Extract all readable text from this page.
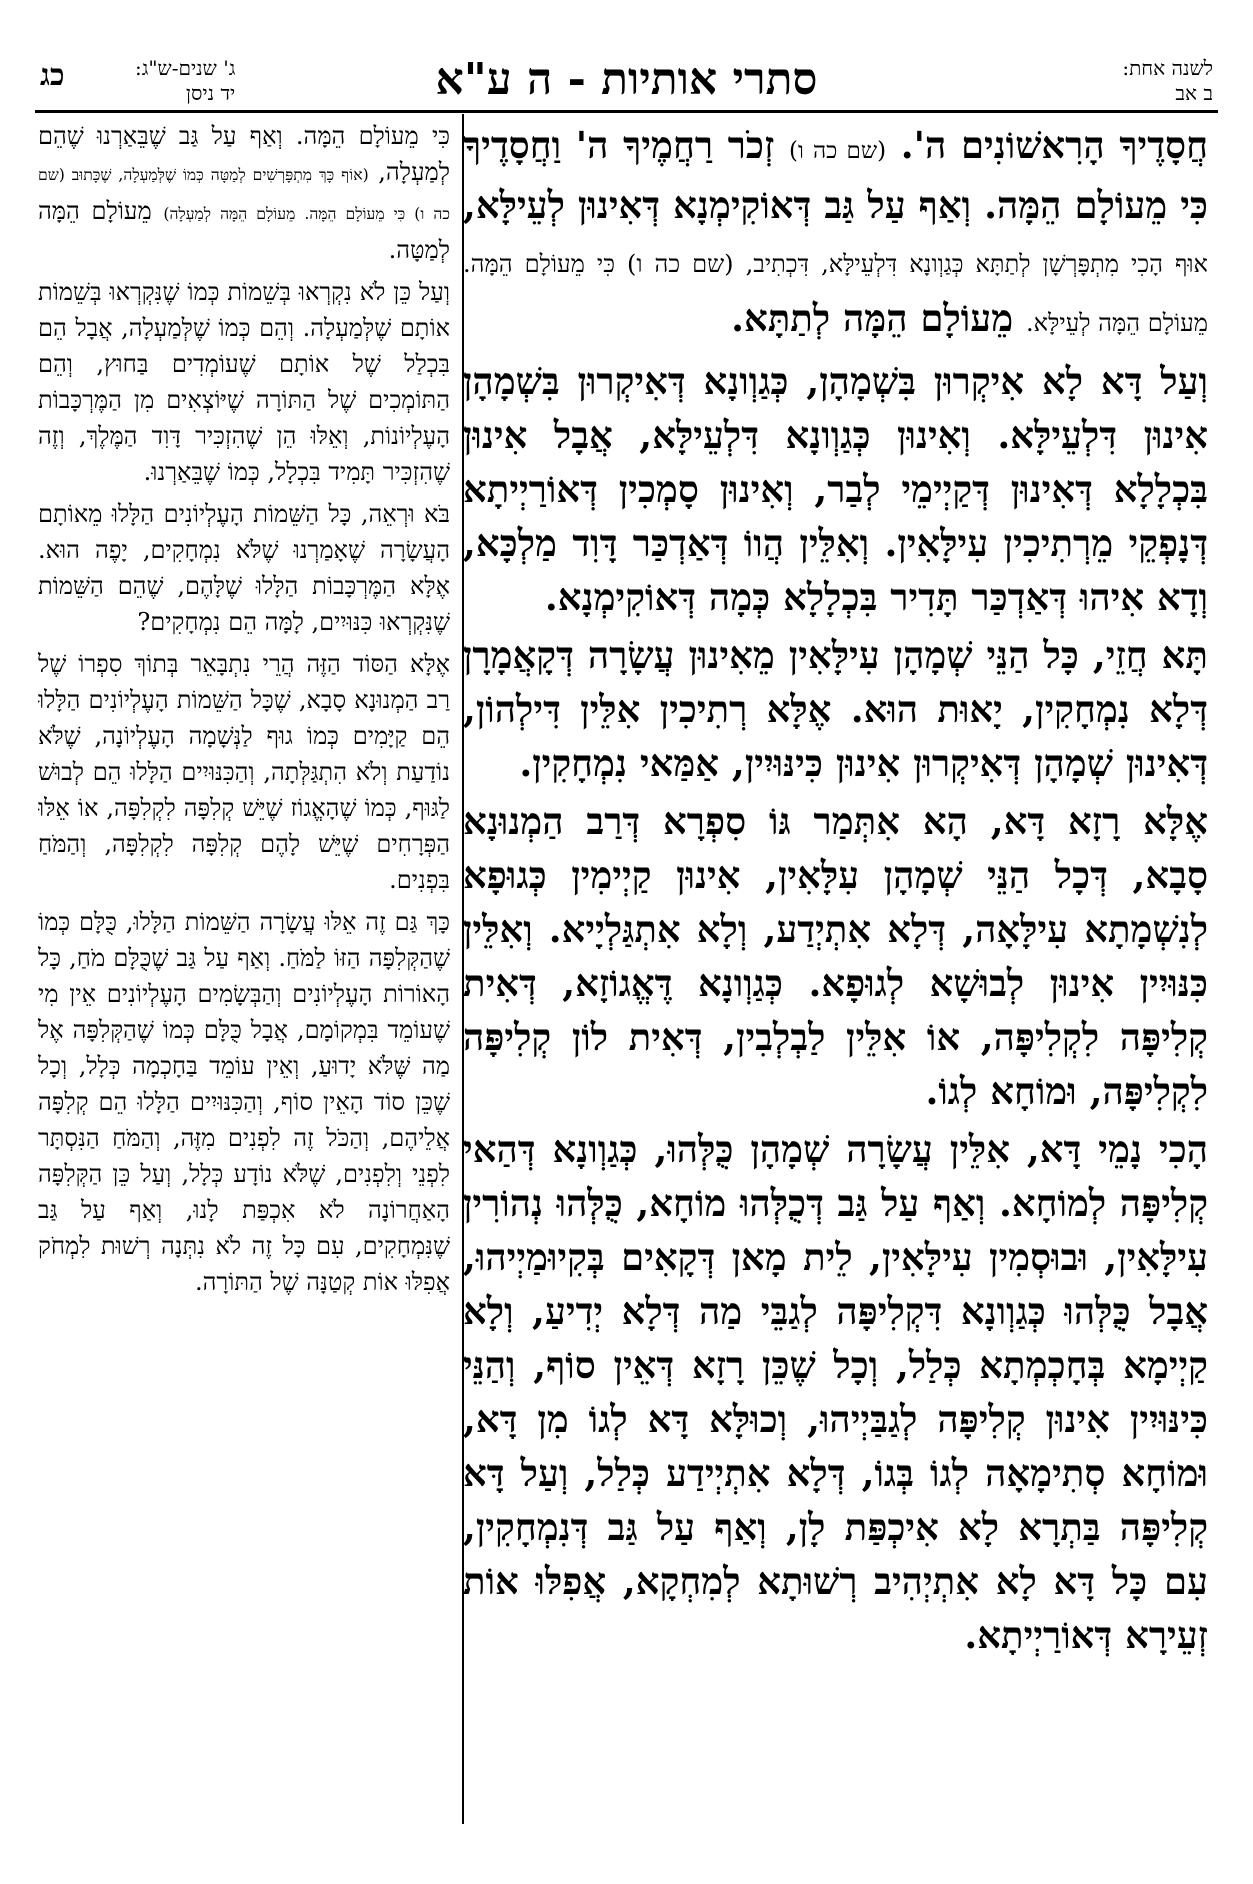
לשנה אחת:
ב אב
סתרי אותיות - ה ע"א
ג' שנים-ש"ג:
יד ניסן
כג

חֲסָדֶיךָ הָרִאשׁוֹנִים ה'. (שם כה ו) זְכֹר רַחֲמֶיךָ ה' וַחֲסָדֶיךָ כִּי מֵעוֹלָם הֵמָּה. וְאַף עַל גַּב דְּאוֹקִימְנָא דְּאִינוּן לְעֵילָּא, אוּף הָכִי מִתְפָּרְשָׁן לְתַתָּא כְּגַוְונָא דִּלְעֵילָּא, דִּכְתִיב, (שם כה ו) כִּי מֵעוֹלָם הֵמָּה. מֵעוֹלָם הֵמָּה לְעֵילָּא. מֵעוֹלָם הֵמָּה לְתַתָּא.

וְעַל דָּא לָא אִיקְרוּן בִּשְׁמָהָן, כְּגַוְונָא דְּאִיקְרוּן בִּשְׁמָהָן אִינוּן דִּלְעֵילָּא. וְאִינוּן כְּגַוְונָא דִּלְעֵילָּא, אֲבָל אִינוּן בִּכְלָלָא דְּאִינוּן דְּקַיְימֵי לְבַר, וְאִינוּן סָמְכִין דְּאוֹרַיְיתָא דְּנָפְקֵי מֵרְתִיכִין עִילָּאִין. וְאִלֵּין הֲווֹ דְּאַדְכַּר דָּוִד מַלְכָּא, וְדָא אִיהוּ דְּאַדְכַּר תָּדִיר בִּכְלָלָא כְּמָה דְּאוֹקִימְנָא.

תָּא חֲזֵי, כָּל הַנֵּי שְׁמָהָן עִילָּאִין מֵאִינוּן עֲשָׂרָה דְּקָאֲמָרָן דְּלָא נִמְחָקִין, יָאוּת הוּא. אֶלָּא רְתִיכִין אִלֵּין דִּילְהוֹן, דְּאִינוּן שְׁמָהָן דְּאִיקְרוּן אִינוּן כִּינּוּיִין, אַמַּאי נִמְחָקִין.

אֶלָּא רָזָא דָּא, הָא אִתְּמַר גּוֹ סִפְרָא דְּרַב הַמְנוּנָא סָבָא, דְּכָל הַנֵּי שְׁמָהָן עִלָּאִין, אִינוּן קַיְימִין כְּגוּפָא לְנִשְׁמָתָא עִילָּאָה, דְּלָא אִתְיְדַע, וְלָא אִתְגַּלְיָיא. וְאִלֵּין כִּנּוּיִין אִינוּן לְבוּשָׁא לְגוּפָא. כְּגַוְונָא דֶּאֱגוֹזָא, דְּאִית קְלִיפָּה לִקְלִיפָּה, אוֹ אִלֵּין לַבְלְבִין, דְּאִית לוֹן קְלִיפָּה לִקְלִיפָּה, וּמוֹחָא לְגוֹ.

הָכִי נָמֵי דָּא, אִלֵּין עֲשָׂרָה שְׁמָהָן כֻּלְּהוּ, כְּגַוְונָא דְּהַאי קְלִיפָּה לְמוֹחָא. וְאַף עַל גַּב דְּכֻלְּהוּ מוֹחָא, כֻּלְּהוּ נְהוֹרִין עִילָּאִין, וּבוּסְמִין עִילָּאִין, לֵית מָאן דְּקָאִים בְּקִיוּמַיְיהוּ, אֲבָל כֻּלְּהוּ כְּגַוְונָא דִּקְלִיפָּה לְגַבֵּי מַה דְּלָא יְדִיעַ, וְלָא קַיְימָא בְּחָכְמְתָא כְּלַל, וְכָל שֶׁכֵּן רָזָא דְּאֵין סוֹף, וְהַנֵּי כִּינּוּיִין אִינוּן קְלִיפָּה לְגַבַּיְיהוּ, וְכוּלָּא דָּא לְגוֹ מִן דָּא, וּמוֹחָא סְתִימָאָה לְגוֹ בְּגוֹ, דְּלָא אִתְיְידַע כְּלַל, וְעַל דָּא קְלִיפָּה בַּתְרָא לָא אִיכְפַּת לָן, וְאַף עַל גַּב דְּנִמְחָקִין, עִם כָּל דָּא לָא אִתְיְהִיב רְשׁוּתָא לְמִחְקָא, אֲפִלּוּ אוֹת זְעֵירָא דְּאוֹרַיְיתָא.

כִּי מֵעוֹלָם הֵמָּה. וְאַף עַל גַּב שֶׁבֵּאַרְנוּ שֶׁהֵם לְמַעְלָה, (אוֹף כָּךְ מִתְפָּרְשִׁים לְמַטָּה כְּמוֹ שֶׁלְּמַעְלָה, שֶׁכָּתוּב (שם כה ו) כִּי מֵעוֹלָם הֵמָּה. מֵעוֹלָם הֵמָּה לְמַעְלָה) מֵעוֹלָם הֵמָּה לְמַטָּה.

וְעַל כֵּן לֹא נִקְרְאוּ בְּשֵׁמוֹת כְּמוֹ שֶׁנִּקְרְאוּ בְּשֵׁמוֹת אוֹתָם שֶׁלְּמַעְלָה. וְהֵם כְּמוֹ שֶׁלְּמַעְלָה, אֲבָל הֵם בִּכְלַל שֶׁל אוֹתָם שֶׁעוֹמְדִים בַּחוּץ, וְהֵם הַתּוֹמְכִים שֶׁל הַתּוֹרָה שֶׁיּוֹצְאִים מִן הַמֶּרְכָּבוֹת הָעֶלְיוֹנוֹת, וְאֵלּוּ הֵן שֶׁהִזְכִּיר דָּוִד הַמֶּלֶךְ, וְזֶה שֶׁהִזְכִּיר תָּמִיד בִּכְלָל, כְּמוֹ שֶׁבֵּאַרְנוּ.

בֹּא וּרְאֵה, כָּל הַשֵּׁמוֹת הָעֶלְיוֹנִים הַלָּלוּ מֵאוֹתָם הָעֲשָׂרָה שֶׁאָמַרְנוּ שֶׁלֹּא נִמְחָקִים, יָפֶה הוּא. אֶלָּא הַמֶּרְכָּבוֹת הַלָּלוּ שֶׁלָּהֶם, שֶׁהֵם הַשֵּׁמוֹת שֶׁנִּקְרְאוּ כִּנּוּיִים, לָמָּה הֵם נִמְחָקִים?

אֶלָּא הַסּוֹד הַזֶּה הֲרֵי נִתְבָּאֵר בְּתוֹךְ סִפְרוֹ שֶׁל רַב הַמְנוּנָא סָבָא, שֶׁכָּל הַשֵּׁמוֹת הָעֶלְיוֹנִים הַלָּלוּ הֵם קַיָּמִים כְּמוֹ גוּף לַנְּשָׁמָה הָעֶלְיוֹנָה, שֶׁלֹּא נוֹדַעַת וְלֹא הִתְגַּלְּתָה, וְהַכִּנּוּיִים הַלָּלוּ הֵם לְבוּשׁ לַגּוּף, כְּמוֹ שֶׁהָאֱגוֹז שֶׁיֵּשׁ קְלִפָּה לִקְלִפָּה, אוֹ אֵלּוּ הַפְּרָחִים שֶׁיֵּשׁ לָהֶם קְלִפָּה לִקְלִפָּה, וְהַמֹּחַ בִּפְנִים.

כָּךְ גַּם זֶה אֵלּוּ עֲשָׂרָה הַשֵּׁמוֹת הַלָּלוּ, כֻּלָּם כְּמוֹ שֶׁהַקְּלִפָּה הַזּוֹ לַמֹּחַ. וְאַף עַל גַּב שֶׁכֻּלָּם מֹחַ, כָּל הָאוֹרוֹת הָעֶלְיוֹנִים וְהַבְּשָׂמִים הָעֶלְיוֹנִים אֵין מִי שֶׁעוֹמֵד בִּמְקוֹמָם, אֲבָל כֻּלָּם כְּמוֹ שֶׁהַקְּלִפָּה אֶל מַה שֶּׁלֹּא יָדוּעַ, וְאֵין עוֹמֵד בַּחָכְמָה כְּלָל, וְכָל שֶׁכֵּן סוֹד הָאֵין סוֹף, וְהַכִּנּוּיִים הַלָּלוּ הֵם קְלִפָּה אֲלֵיהֶם, וְהַכֹּל זֶה לִפְנִים מִזֶּה, וְהַמֹּחַ הַנִּסְתָּר לִפְנֵי וְלִפְנִים, שֶׁלֹּא נוֹדָע כְּלָל, וְעַל כֵּן הַקְּלִפָּה הָאַחֲרוֹנָה לֹא אִכְפַּת לָנוּ, וְאַף עַל גַּב שֶׁנִּמְחָקִים, עִם כָּל זֶה לֹא נִתְּנָה רְשׁוּת לִמְחֹק אֲפִלּוּ אוֹת קְטַנָּה שֶׁל הַתּוֹרָה.
